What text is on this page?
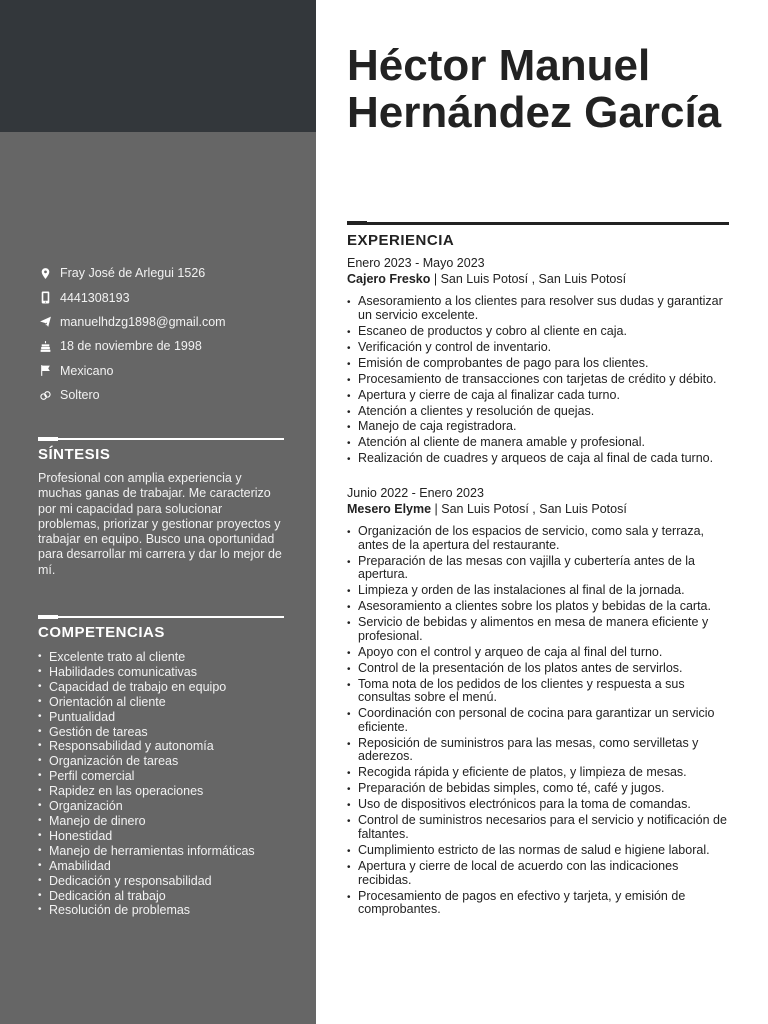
Fray José de Arlegui 1526
4441308193
manuelhdzg1898@gmail.com
18 de noviembre de 1998
Mexicano
Soltero
SÍNTESIS

Profesional con amplia experiencia y muchas ganas de trabajar. Me caracterizo por mi capacidad para solucionar problemas, priorizar y gestionar proyectos y trabajar en equipo. Busco una oportunidad para desarrollar mi carrera y dar lo mejor de mí.

COMPETENCIAS
• Excelente trato al cliente
• Habilidades comunicativas
• Capacidad de trabajo en equipo
• Orientación al cliente
• Puntualidad
• Gestión de tareas
• Responsabilidad y autonomía
• Organización de tareas
• Perfil comercial
• Rapidez en las operaciones
• Organización
• Manejo de dinero
• Honestidad
• Manejo de herramientas informáticas
• Amabilidad
• Dedicación y responsabilidad
• Dedicación al trabajo
• Resolución de problemas
Héctor Manuel Hernández García
EXPERIENCIA
Enero 2023 - Mayo 2023
Cajero Fresko | San Luis Potosí , San Luis Potosí
• Asesoramiento a los clientes para resolver sus dudas y garantizar un servicio excelente.
• Escaneo de productos y cobro al cliente en caja.
• Verificación y control de inventario.
• Emisión de comprobantes de pago para los clientes.
• Procesamiento de transacciones con tarjetas de crédito y débito.
• Apertura y cierre de caja al finalizar cada turno.
• Atención a clientes y resolución de quejas.
• Manejo de caja registradora.
• Atención al cliente de manera amable y profesional.
• Realización de cuadres y arqueos de caja al final de cada turno.
Junio 2022 - Enero 2023
Mesero Elyme | San Luis Potosí , San Luis Potosí
• Organización de los espacios de servicio, como sala y terraza, antes de la apertura del restaurante.
• Preparación de las mesas con vajilla y cubertería antes de la apertura.
• Limpieza y orden de las instalaciones al final de la jornada.
• Asesoramiento a clientes sobre los platos y bebidas de la carta.
• Servicio de bebidas y alimentos en mesa de manera eficiente y profesional.
• Apoyo con el control y arqueo de caja al final del turno.
• Control de la presentación de los platos antes de servirlos.
• Toma nota de los pedidos de los clientes y respuesta a sus consultas sobre el menú.
• Coordinación con personal de cocina para garantizar un servicio eficiente.
• Reposición de suministros para las mesas, como servilletas y aderezos.
• Recogida rápida y eficiente de platos, y limpieza de mesas.
• Preparación de bebidas simples, como té, café y jugos.
• Uso de dispositivos electrónicos para la toma de comandas.
• Control de suministros necesarios para el servicio y notificación de faltantes.
• Cumplimiento estricto de las normas de salud e higiene laboral.
• Apertura y cierre de local de acuerdo con las indicaciones recibidas.
• Procesamiento de pagos en efectivo y tarjeta, y emisión de comprobantes.
